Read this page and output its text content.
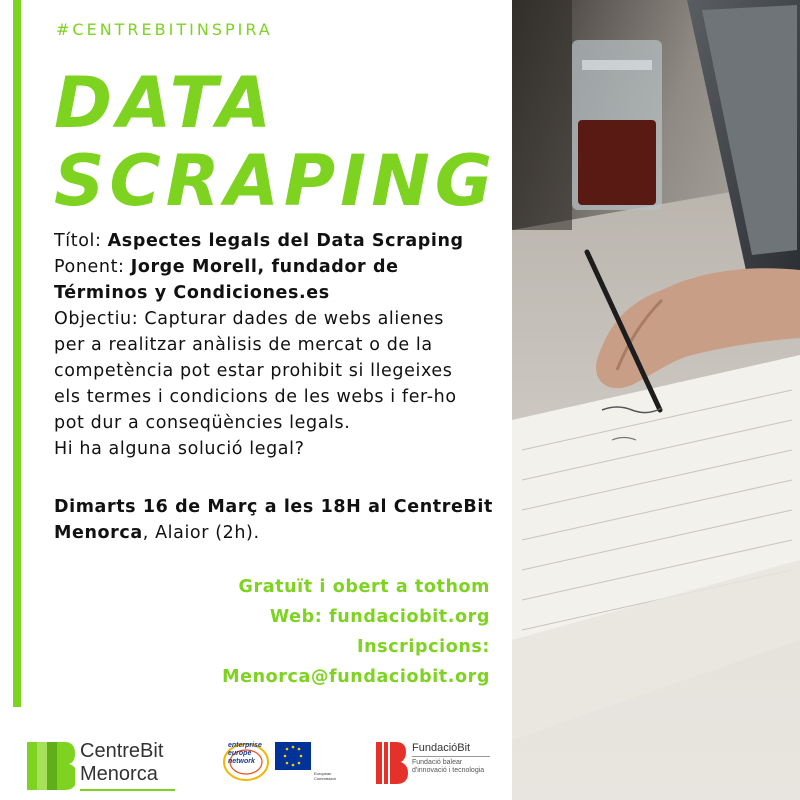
#CENTREBITINSPIRA
DATA
SCRAPING
Títol: Aspectes legals del Data Scraping
Ponent: Jorge Morell, fundador de
Términos y Condiciones.es
Objectiu: Capturar dades de webs alienes
per a realitzar anàlisis de mercat o de la
competència pot estar prohibit si llegeixes
els termes i condicions de les webs i fer-ho
pot dur a conseqüències legals.
Hi ha alguna solució legal?
Dimarts 16 de Març a les 18H al CentreBit
Menorca, Alaior (2h).
Gratuït i obert a tothom
Web: fundaciobit.org
Inscripcions:
Menorca@fundaciobit.org
CentreBit
Menorca
enterprise
europe
network
European Commission
FundacióBit
Fundació balear d'innovació i tecnologia
